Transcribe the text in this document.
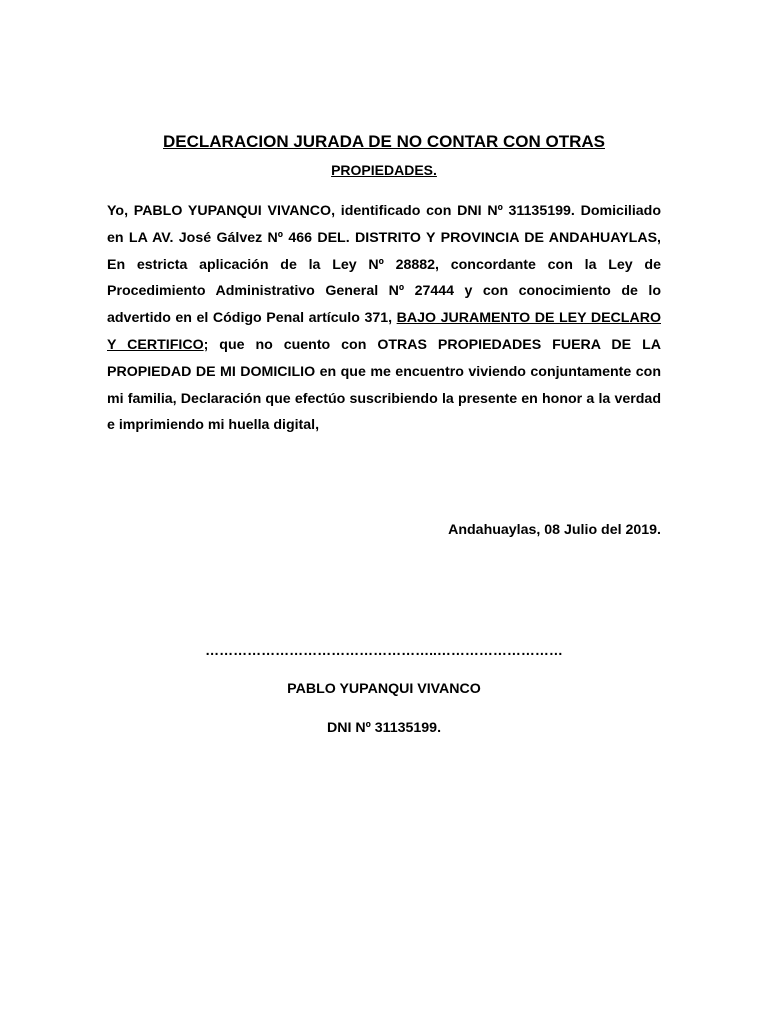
DECLARACION JURADA DE NO CONTAR CON OTRAS
PROPIEDADES.

Yo, PABLO YUPANQUI VIVANCO, identificado con DNI Nº 31135199. Domiciliado en LA AV. José Gálvez Nº 466 DEL. DISTRITO Y PROVINCIA DE ANDAHUAYLAS, En estricta aplicación de la Ley Nº 28882, concordante con la Ley de Procedimiento Administrativo General Nº 27444 y con conocimiento de lo advertido en el Código Penal artículo 371, BAJO JURAMENTO DE LEY DECLARO Y CERTIFICO; que no cuento con OTRAS PROPIEDADES FUERA DE LA PROPIEDAD DE MI DOMICILIO en que me encuentro viviendo conjuntamente con mi familia, Declaración que efectúo suscribiendo la presente en honor a la verdad e imprimiendo mi huella digital,

Andahuaylas, 08 Julio del 2019.
…………………………………………..………………………
PABLO YUPANQUI VIVANCO
DNI Nº 31135199.
